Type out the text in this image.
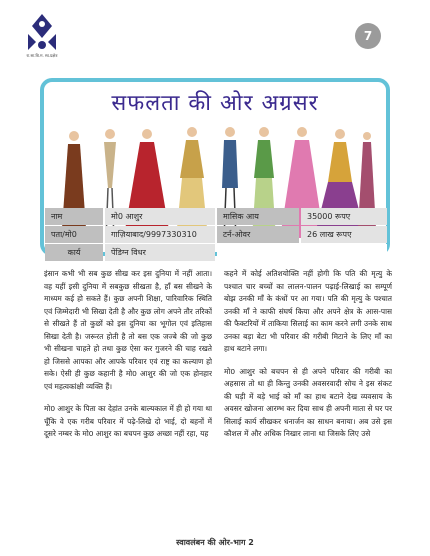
रा.सा.बि.म. स्व.प्रक्षेत्र
7
सफलता की ओर अग्रसर
नाम	मो0 आशुर	मासिक आय	35000 रूपए
पता/मो0	गाज़ियाबाद/9997330310	टर्न-ओवर	26 लाख रूपए
कार्य	पेंडिग्न विधर

इंसान कभी भी सब कुछ सीख कर इस दुनिया में नहीं आता। वह यहीं इसी दुनिया में सबकुछ सीखता है, हाँ बस सीखने के माध्यम कई हो सकते हैं। कुछ अपनी शिक्षा, पारिवारिक स्थिति एवं जिम्मेदारी भी सिखा देती है और कुछ लोग अपने तौर तरिकों से सीखते हैं तो कुछों को इस दुनिया का भूगोल एवं इतिहास सिखा देती है। जरूरत होती है तो बस एक जज्बे की जो कुछ भी सीखना चाहते हो तथा कुछ ऐसा कर गुजरने की चाह रखते हो जिससे आपका और आपके परिवार एवं राष्ट्र का कल्याण हो सके। ऐसी ही कुछ कहानी है मो0 आशुर की जो एक होनहार एवं महत्वकांक्षी व्यक्ति हैं।

मो0 आशुर के पिता का देहांत उनके बाल्यकाल में ही हो गया था चूँकि वे एक गरीब परिवार में पढ़े-लिखे दो भाई, दो बहनों में दूसरे नम्बर के मो0 आशुर का बचपन कुछ अच्छा नहीं रहा, यह

कहने में कोई अतिशयोक्ति नहीं होगी कि पति की मृत्यु के पश्चात चार बच्चों का लालन-पालन पढ़ाई-लिखाई का सम्पूर्ण बोझ उनकी माँ के कंधों पर आ गया। पति की मृत्यु के पश्चात उनकी माँ ने काफी संघर्ष किया और अपने क्षेत्र के आस-पास की फैक्टरियों में ताकिया सिलाई का काम करने लगी उनके साथ उनका बड़ा बेटा भी परिवार की गरीबी मिटाने के लिए माँ का हाथ बटाने लगा।

मो0 आशुर को बचपन से ही अपने परिवार की गरीबी का अहसास तो था ही किन्तु उनकी अवसरवादी सोच ने इस संकट की घड़ी में बड़े भाई को माँ का हाथ बटाने देख व्यवसाय के अवसर खोजना आरम्भ कर दिया साथ ही अपनी माता से घर पर सिलाई कार्य सीखकर धनार्जन का साधन बनाया। अब उसे इस कौशल में और अधिक निखार लाना था जिसके लिए उसे

स्वावलंबन की ओर-भाग 2
